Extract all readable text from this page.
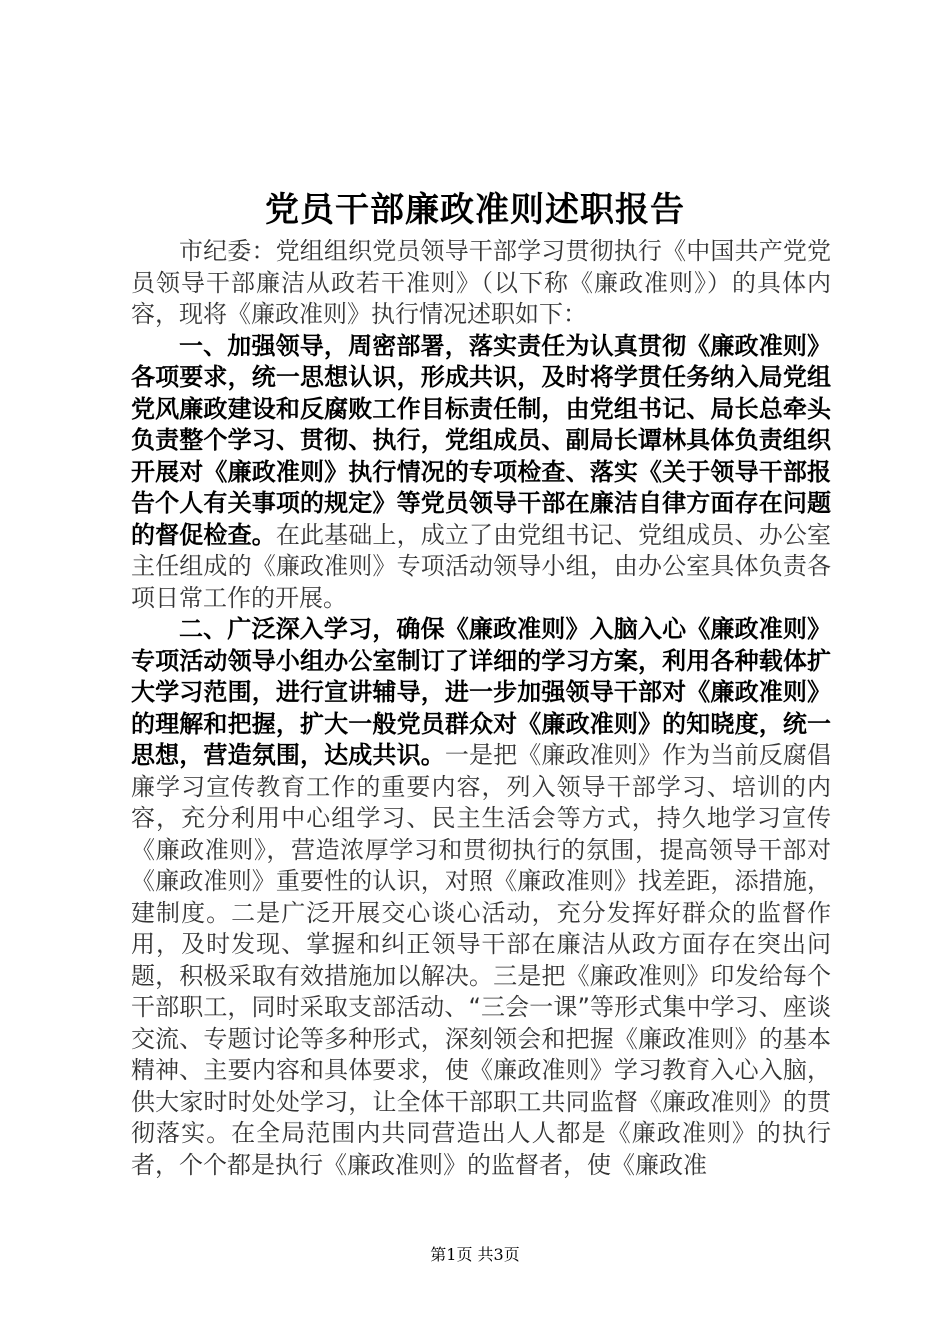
党员干部廉政准则述职报告

市纪委：党组组织党员领导干部学习贯彻执行《中国共产党党员领导干部廉洁从政若干准则》（以下称《廉政准则》）的具体内容，现将《廉政准则》执行情况述职如下：

一、加强领导，周密部署，落实责任为认真贯彻《廉政准则》各项要求，统一思想认识，形成共识，及时将学贯任务纳入局党组党风廉政建设和反腐败工作目标责任制，由党组书记、局长总牵头负责整个学习、贯彻、执行，党组成员、副局长谭林具体负责组织开展对《廉政准则》执行情况的专项检查、落实《关于领导干部报告个人有关事项的规定》等党员领导干部在廉洁自律方面存在问题的督促检查。在此基础上，成立了由党组书记、党组成员、办公室主任组成的《廉政准则》专项活动领导小组，由办公室具体负责各项日常工作的开展。

二、广泛深入学习，确保《廉政准则》入脑入心《廉政准则》专项活动领导小组办公室制订了详细的学习方案，利用各种载体扩大学习范围，进行宣讲辅导，进一步加强领导干部对《廉政准则》的理解和把握，扩大一般党员群众对《廉政准则》的知晓度，统一思想，营造氛围，达成共识。一是把《廉政准则》作为当前反腐倡廉学习宣传教育工作的重要内容，列入领导干部学习、培训的内容，充分利用中心组学习、民主生活会等方式，持久地学习宣传《廉政准则》，营造浓厚学习和贯彻执行的氛围，提高领导干部对《廉政准则》重要性的认识，对照《廉政准则》找差距，添措施，建制度。二是广泛开展交心谈心活动，充分发挥好群众的监督作用，及时发现、掌握和纠正领导干部在廉洁从政方面存在突出问题，积极采取有效措施加以解决。三是把《廉政准则》印发给每个干部职工，同时采取支部活动、“三会一课”等形式集中学习、座谈交流、专题讨论等多种形式，深刻领会和把握《廉政准则》的基本精神、主要内容和具体要求，使《廉政准则》学习教育入心入脑，供大家时时处处学习，让全体干部职工共同监督《廉政准则》的贯彻落实。在全局范围内共同营造出人人都是《廉政准则》的执行者，个个都是执行《廉政准则》的监督者，使《廉政准

第1页 共3页
